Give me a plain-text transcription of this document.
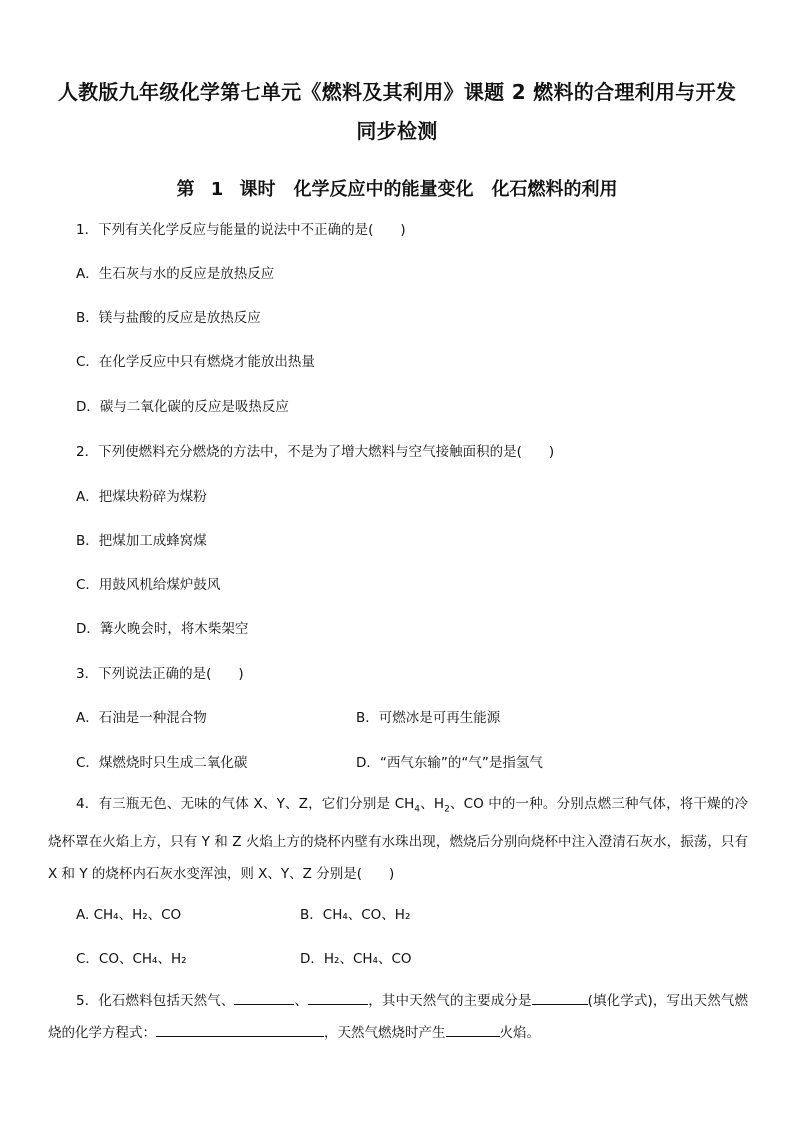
人教版九年级化学第七单元《燃料及其利用》课题 2 燃料的合理利用与开发
同步检测
第 1 课时　化学反应中的能量变化　化石燃料的利用
1．下列有关化学反应与能量的说法中不正确的是(　　)
A．生石灰与水的反应是放热反应
B．镁与盐酸的反应是放热反应
C．在化学反应中只有燃烧才能放出热量
D．碳与二氧化碳的反应是吸热反应
2．下列使燃料充分燃烧的方法中，不是为了增大燃料与空气接触面积的是(　　)
A．把煤块粉碎为煤粉
B．把煤加工成蜂窝煤
C．用鼓风机给煤炉鼓风
D．篝火晚会时，将木柴架空
3．下列说法正确的是(　　)
A．石油是一种混合物	B．可燃冰是可再生能源
C．煤燃烧时只生成二氧化碳	D．“西气东输”的“气”是指氢气
4．有三瓶无色、无味的气体 X、Y、Z，它们分别是 $CH_4$、$H_2$、CO 中的一种。分别点燃三种气体，将干燥的冷烧杯罩在火焰上方，只有 Y 和 Z 火焰上方的烧杯内壁有水珠出现，燃烧后分别向烧杯中注入澄清石灰水，振荡，只有 X 和 Y 的烧杯内石灰水变浑浊，则 X、Y、Z 分别是(　　)
A. CH₄、H₂、CO	B．CH₄、CO、H₂
C．CO、CH₄、H₂	D．H₂、CH₄、CO
5．化石燃料包括天然气、	、	，其中天然气的主要成分是	(填化学式)，写出天然气燃烧的化学方程式：	，天然气燃烧时产生	火焰。
